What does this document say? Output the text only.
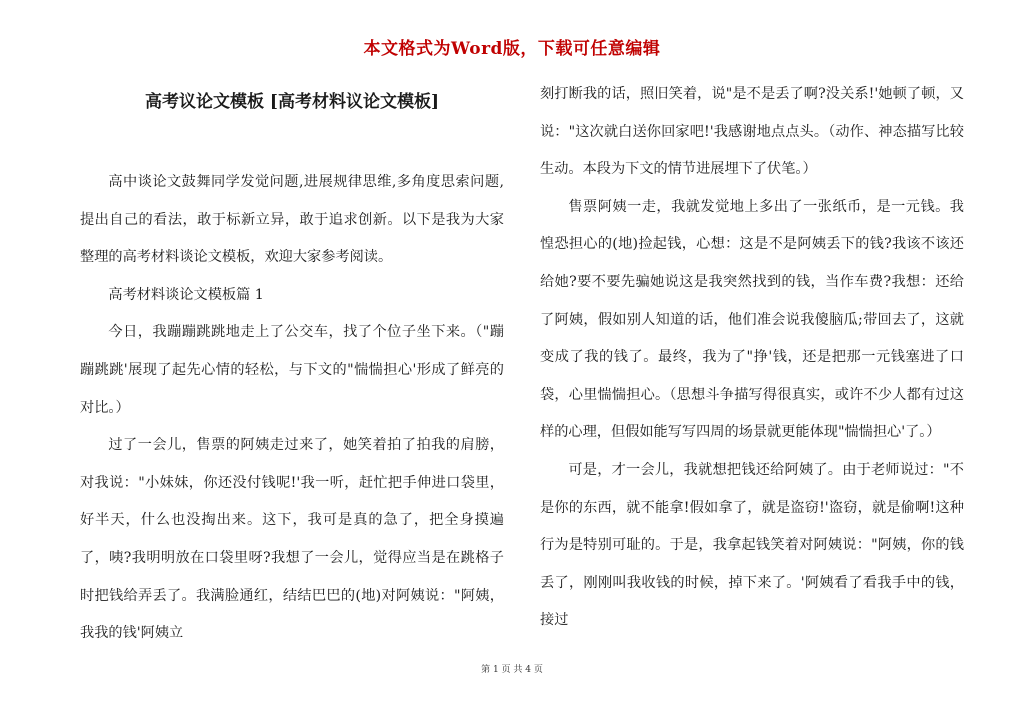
本文格式为Word版，下载可任意编辑
高考议论文模板 [高考材料议论文模板]

高中谈论文鼓舞同学发觉问题,进展规律思维,多角度思索问题,提出自己的看法，敢于标新立异，敢于追求创新。以下是我为大家整理的高考材料谈论文模板，欢迎大家参考阅读。

高考材料谈论文模板篇 1

今日，我蹦蹦跳跳地走上了公交车，找了个位子坐下来。（"蹦蹦跳跳'展现了起先心情的轻松，与下文的"惴惴担心'形成了鲜亮的对比。）

过了一会儿，售票的阿姨走过来了，她笑着拍了拍我的肩膀，对我说："小妹妹，你还没付钱呢!'我一听，赶忙把手伸进口袋里，好半天，什么也没掏出来。这下，我可是真的急了，把全身摸遍了，咦?我明明放在口袋里呀?我想了一会儿，觉得应当是在跳格子时把钱给弄丢了。我满脸通红，结结巴巴的(地)对阿姨说："阿姨，我我的钱'阿姨立

刻打断我的话，照旧笑着，说"是不是丢了啊?没关系!'她顿了顿，又说："这次就白送你回家吧!'我感谢地点点头。（动作、神态描写比较生动。本段为下文的情节进展埋下了伏笔。）

售票阿姨一走，我就发觉地上多出了一张纸币，是一元钱。我惶恐担心的(地)捡起钱，心想：这是不是阿姨丢下的钱?我该不该还给她?要不要先骗她说这是我突然找到的钱，当作车费?我想：还给了阿姨，假如别人知道的话，他们准会说我傻脑瓜;带回去了，这就变成了我的钱了。最终，我为了"挣'钱，还是把那一元钱塞进了口袋，心里惴惴担心。（思想斗争描写得很真实，或许不少人都有过这样的心理，但假如能写写四周的场景就更能体现"惴惴担心'了。）

可是，才一会儿，我就想把钱还给阿姨了。由于老师说过："不是你的东西，就不能拿!假如拿了，就是盗窃!'盗窃，就是偷啊!这种行为是特别可耻的。于是，我拿起钱笑着对阿姨说："阿姨，你的钱丢了，刚刚叫我收钱的时候，掉下来了。'阿姨看了看我手中的钱，接过

第 1 页 共 4 页
